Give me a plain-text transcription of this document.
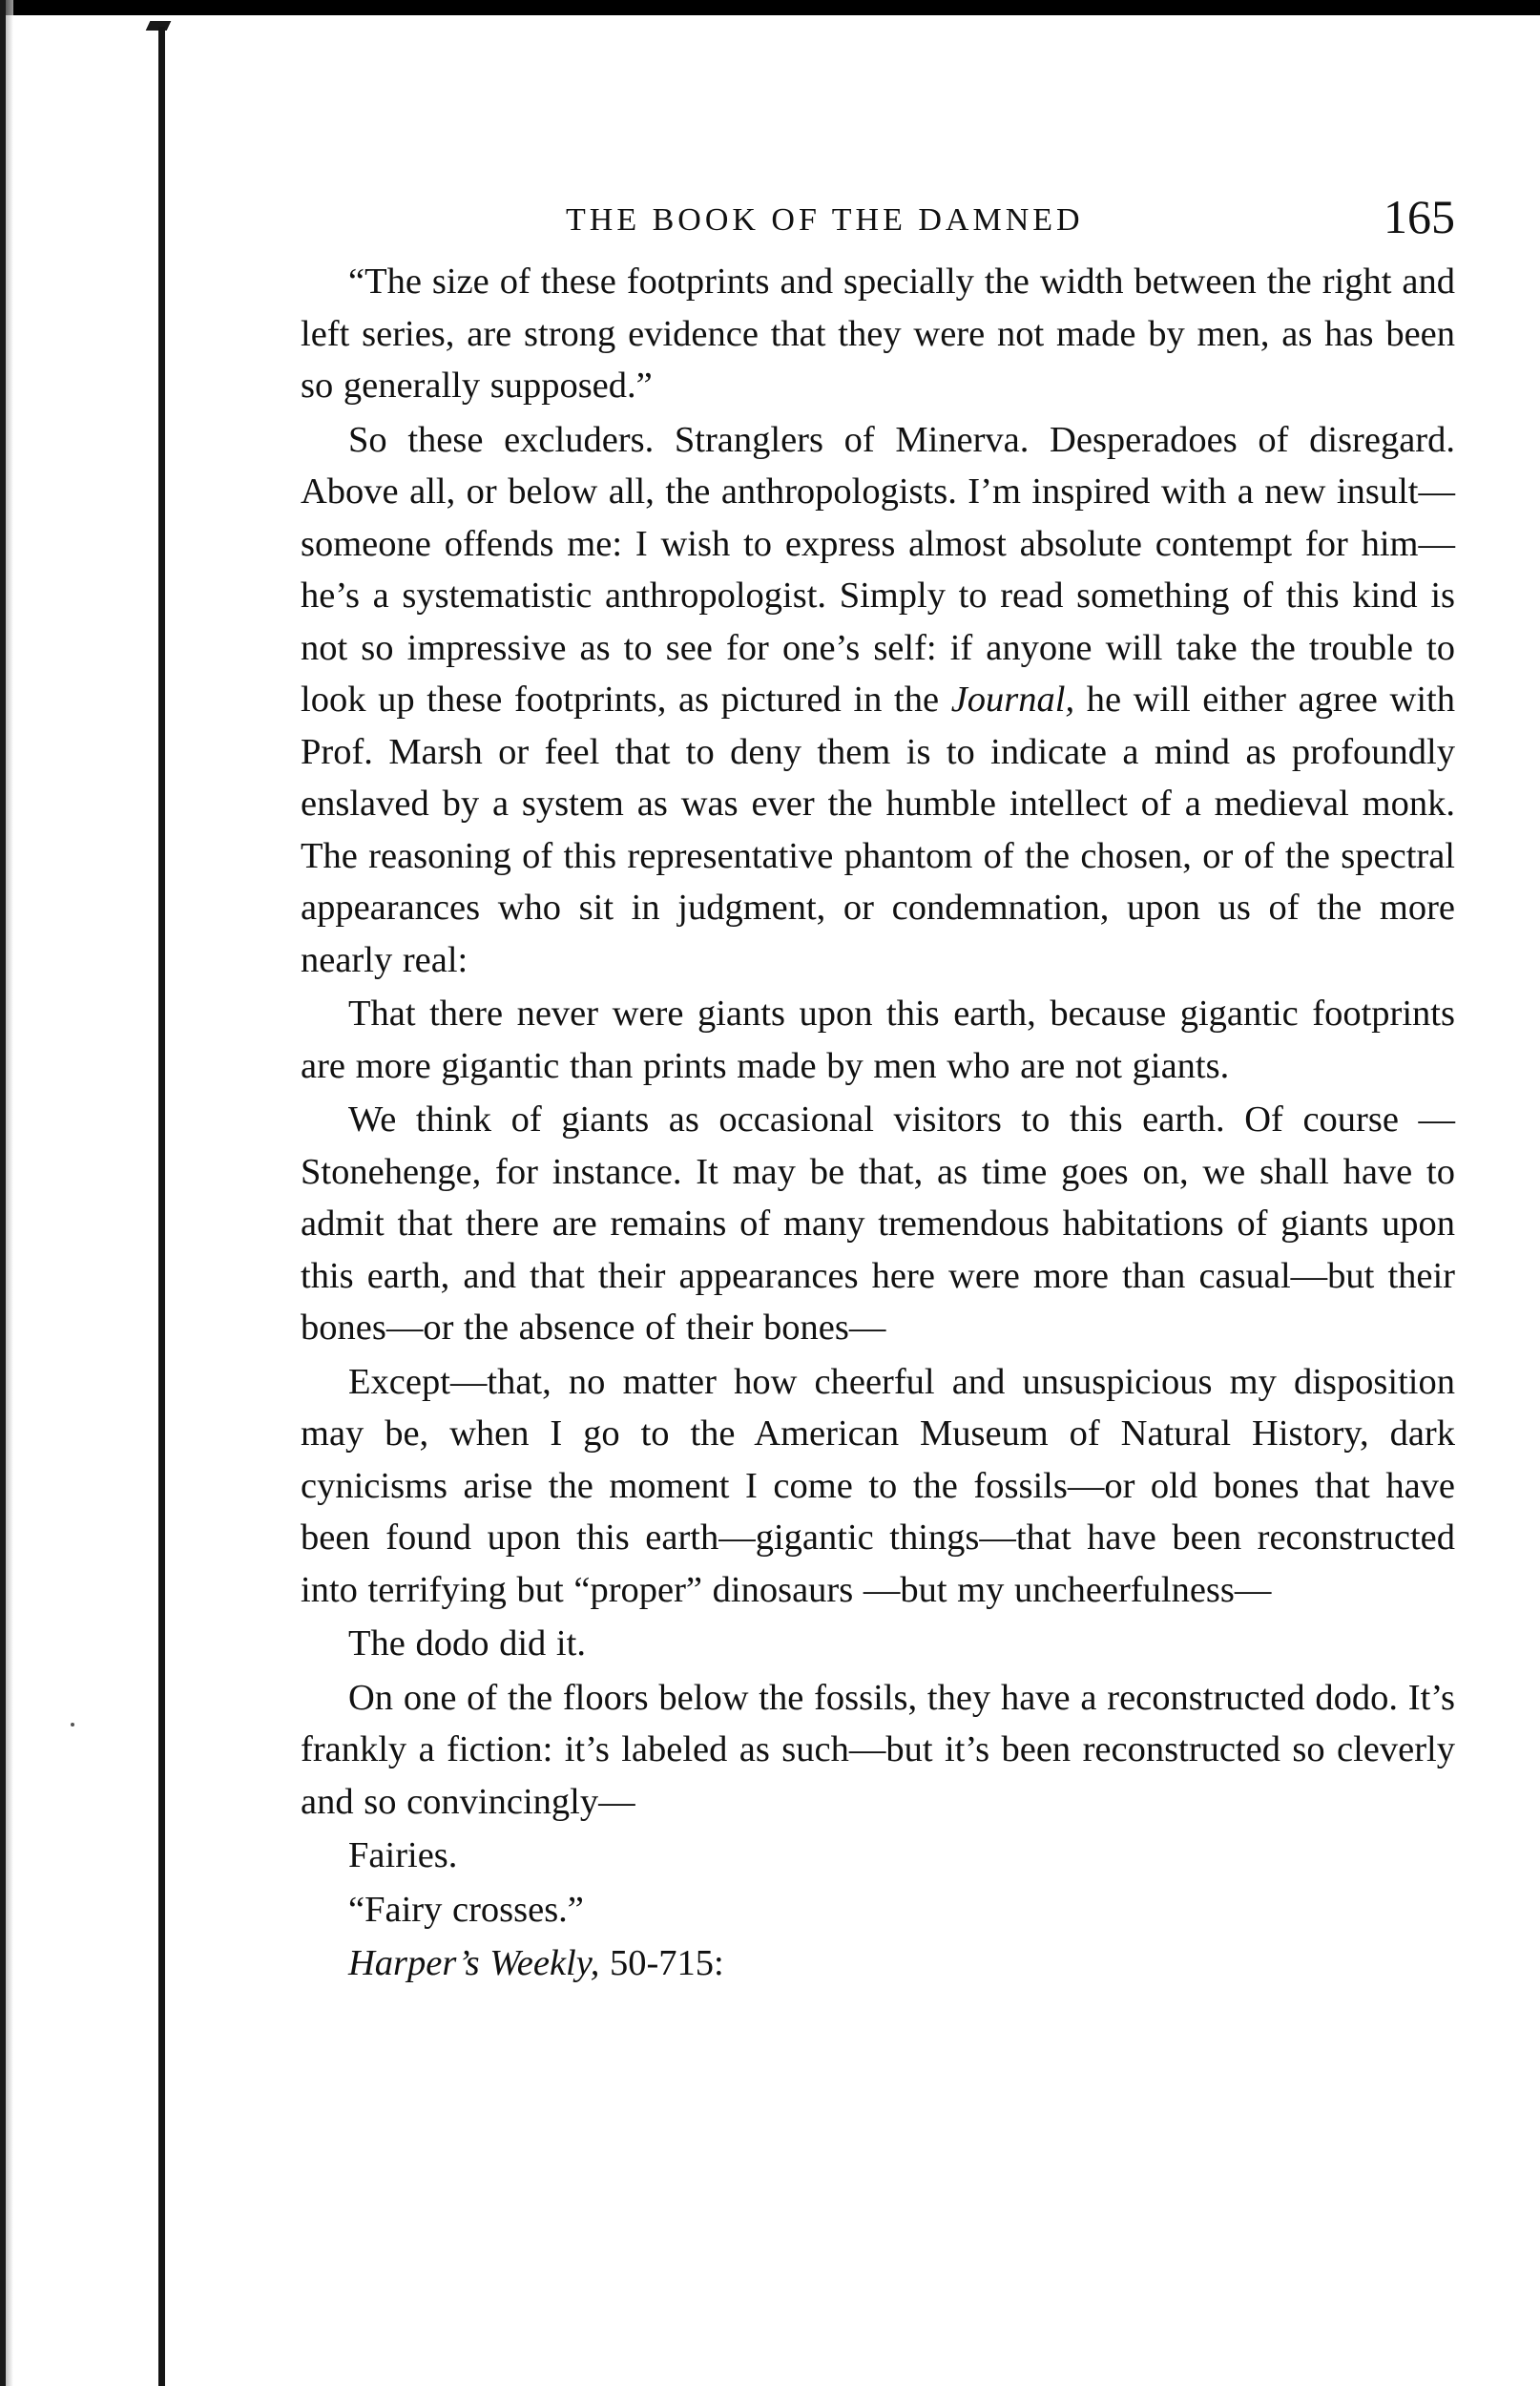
THE BOOK OF THE DAMNED	165

“The size of these footprints and specially the width between the right and left series, are strong evidence that they were not made by men, as has been so generally supposed.”

So these excluders. Stranglers of Minerva. Desperadoes of disregard. Above all, or below all, the anthropologists. I’m inspired with a new insult—someone offends me: I wish to express almost absolute contempt for him—he’s a systematistic anthropologist. Simply to read something of this kind is not so impressive as to see for one’s self: if anyone will take the trouble to look up these footprints, as pictured in the Journal, he will either agree with Prof. Marsh or feel that to deny them is to indicate a mind as profoundly enslaved by a system as was ever the humble intellect of a medieval monk. The reasoning of this representative phantom of the chosen, or of the spectral appearances who sit in judgment, or condemnation, upon us of the more nearly real:

That there never were giants upon this earth, because gigantic footprints are more gigantic than prints made by men who are not giants.

We think of giants as occasional visitors to this earth. Of course —Stonehenge, for instance. It may be that, as time goes on, we shall have to admit that there are remains of many tremendous habitations of giants upon this earth, and that their appearances here were more than casual—but their bones—or the absence of their bones—

Except—that, no matter how cheerful and unsuspicious my disposition may be, when I go to the American Museum of Natural History, dark cynicisms arise the moment I come to the fossils—or old bones that have been found upon this earth—gigantic things—that have been reconstructed into terrifying but “proper” dinosaurs —but my uncheerfulness—

The dodo did it.

On one of the floors below the fossils, they have a reconstructed dodo. It’s frankly a fiction: it’s labeled as such—but it’s been reconstructed so cleverly and so convincingly—

Fairies.

“Fairy crosses.”

Harper’s Weekly, 50-715:
